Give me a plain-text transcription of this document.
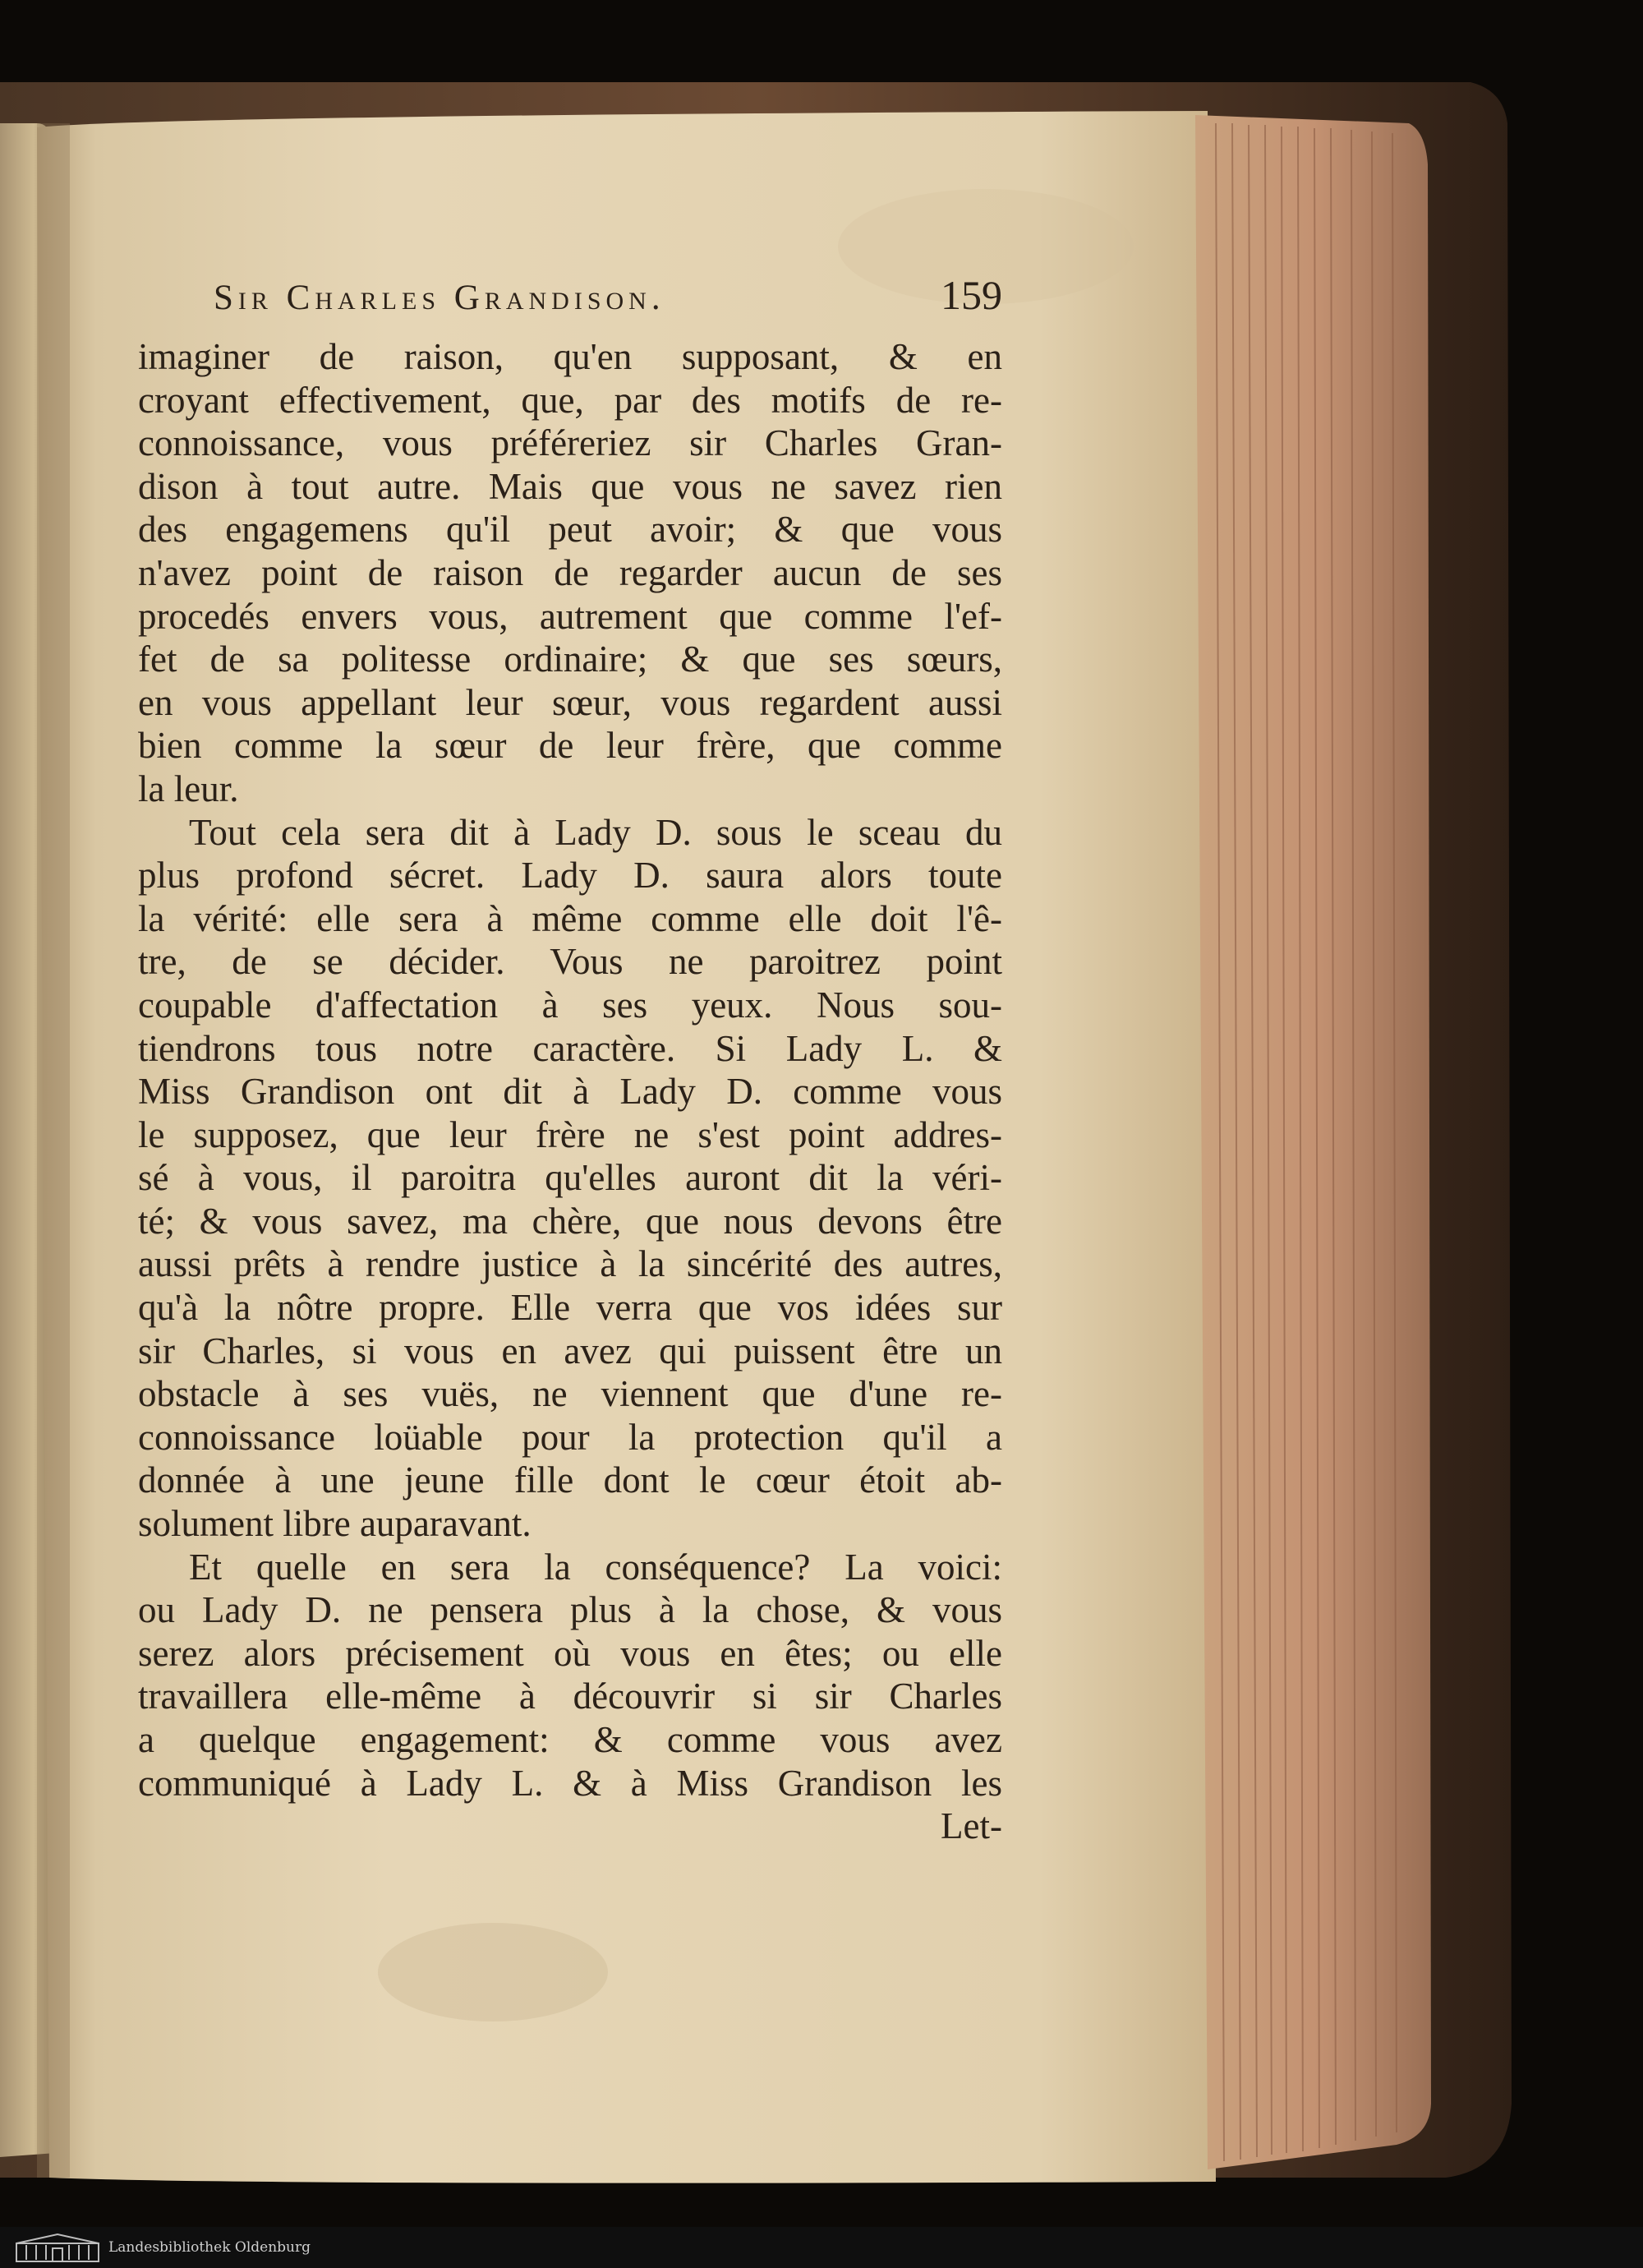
Sir Charles Grandison.	159
imaginer de raison, qu'en supposant, & en
croyant effectivement, que, par des motifs de re-
connoissance, vous préféreriez sir Charles Gran-
dison à tout autre. Mais que vous ne savez rien
des engagemens qu'il peut avoir; & que vous
n'avez point de raison de regarder aucun de ses
procedés envers vous, autrement que comme l'ef-
fet de sa politesse ordinaire; & que ses sœurs,
en vous appellant leur sœur, vous regardent aussi
bien comme la sœur de leur frère, que comme
la leur.
Tout cela sera dit à Lady D. sous le sceau du
plus profond sécret. Lady D. saura alors toute
la vérité: elle sera à même comme elle doit l'ê-
tre, de se décider. Vous ne paroitrez point
coupable d'affectation à ses yeux. Nous sou-
tiendrons tous notre caractère. Si Lady L. &
Miss Grandison ont dit à Lady D. comme vous
le supposez, que leur frère ne s'est point addres-
sé à vous, il paroitra qu'elles auront dit la véri-
té; & vous savez, ma chère, que nous devons être
aussi prêts à rendre justice à la sincérité des autres,
qu'à la nôtre propre. Elle verra que vos idées sur
sir Charles, si vous en avez qui puissent être un
obstacle à ses vuës, ne viennent que d'une re-
connoissance loüable pour la protection qu'il a
donnée à une jeune fille dont le cœur étoit ab-
solument libre auparavant.
Et quelle en sera la conséquence? La voici:
ou Lady D. ne pensera plus à la chose, & vous
serez alors précisement où vous en êtes; ou elle
travaillera elle-même à découvrir si sir Charles
a quelque engagement: & comme vous avez
communiqué à Lady L. & à Miss Grandison les
Let-
Landesbibliothek Oldenburg
